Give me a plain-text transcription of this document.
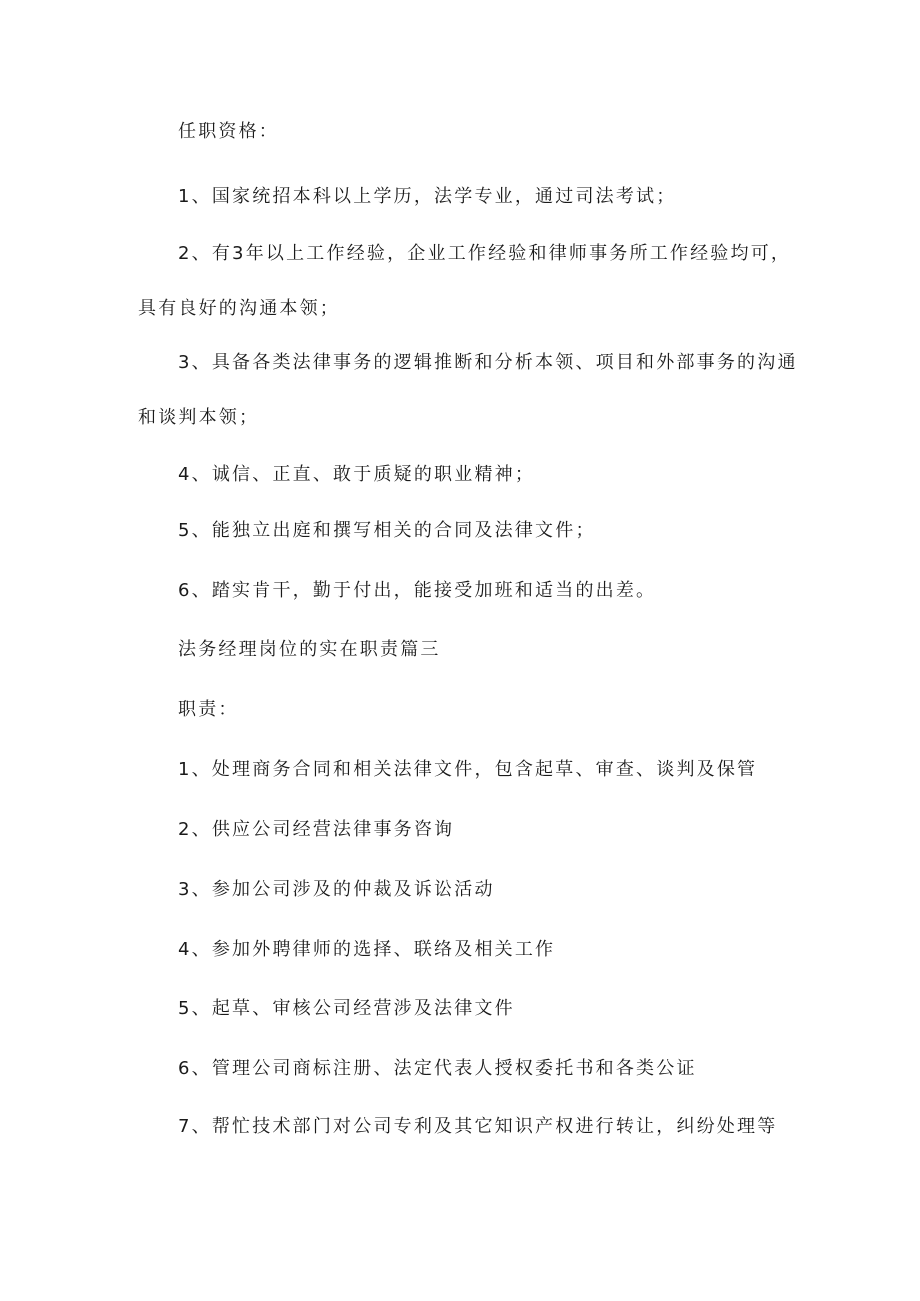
任职资格：

1、国家统招本科以上学历，法学专业，通过司法考试；

2、有3年以上工作经验，企业工作经验和律师事务所工作经验均可，具有良好的沟通本领；

3、具备各类法律事务的逻辑推断和分析本领、项目和外部事务的沟通和谈判本领；

4、诚信、正直、敢于质疑的职业精神；

5、能独立出庭和撰写相关的合同及法律文件；

6、踏实肯干，勤于付出，能接受加班和适当的出差。

法务经理岗位的实在职责篇三

职责：

1、处理商务合同和相关法律文件，包含起草、审查、谈判及保管

2、供应公司经营法律事务咨询

3、参加公司涉及的仲裁及诉讼活动

4、参加外聘律师的选择、联络及相关工作

5、起草、审核公司经营涉及法律文件

6、管理公司商标注册、法定代表人授权委托书和各类公证

7、帮忙技术部门对公司专利及其它知识产权进行转让，纠纷处理等
